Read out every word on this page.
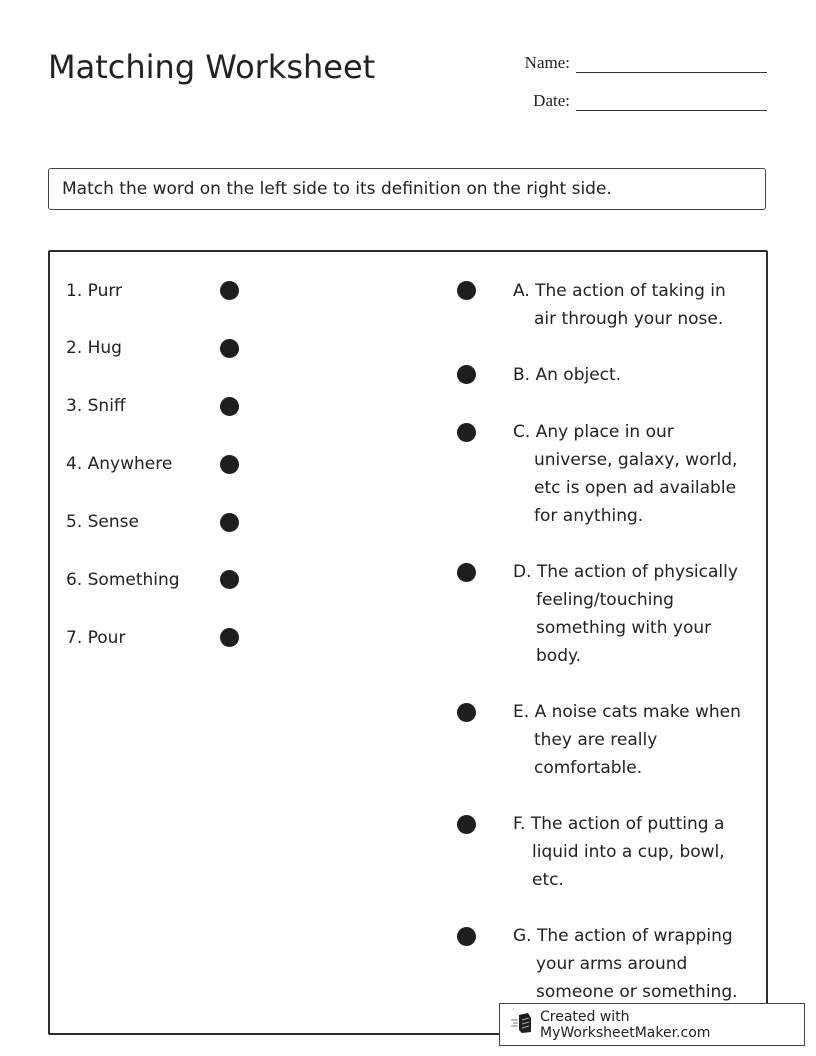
Matching Worksheet	Name:
Date:
Match the word on the left side to its definition on the right side.
1. Purr
2. Hug
3. Sniff
4. Anywhere
5. Sense
6. Something
7. Pour
A. The action of taking in
air through your nose.
B. An object.
C. Any place in our
universe, galaxy, world,
etc is open ad available
for anything.
D. The action of physically
feeling/touching
something with your
body.
E. A noise cats make when
they are really
comfortable.
F. The action of putting a
liquid into a cup, bowl,
etc.
G. The action of wrapping
your arms around
someone or something.
Created with MyWorksheetMaker.com
